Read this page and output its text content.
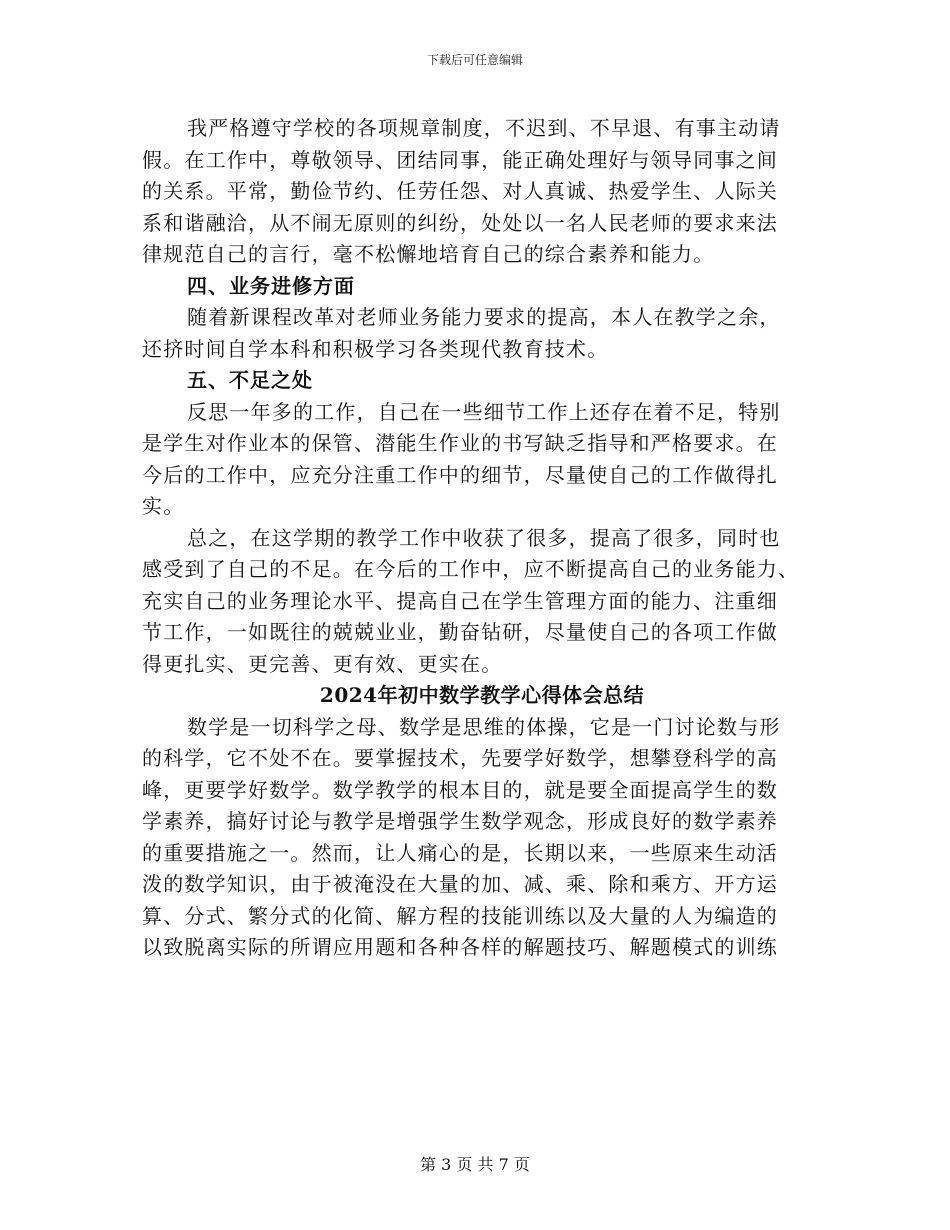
下载后可任意编辑
我严格遵守学校的各项规章制度，不迟到、不早退、有事主动请
假。在工作中，尊敬领导、团结同事，能正确处理好与领导同事之间
的关系。平常，勤俭节约、任劳任怨、对人真诚、热爱学生、人际关
系和谐融洽，从不闹无原则的纠纷，处处以一名人民老师的要求来法
律规范自己的言行，毫不松懈地培育自己的综合素养和能力。
四、业务进修方面
随着新课程改革对老师业务能力要求的提高，本人在教学之余，
还挤时间自学本科和积极学习各类现代教育技术。
五、不足之处
反思一年多的工作，自己在一些细节工作上还存在着不足，特别
是学生对作业本的保管、潜能生作业的书写缺乏指导和严格要求。在
今后的工作中，应充分注重工作中的细节，尽量使自己的工作做得扎
实。
总之，在这学期的教学工作中收获了很多，提高了很多，同时也
感受到了自己的不足。在今后的工作中，应不断提高自己的业务能力、
充实自己的业务理论水平、提高自己在学生管理方面的能力、注重细
节工作，一如既往的兢兢业业，勤奋钻研，尽量使自己的各项工作做
得更扎实、更完善、更有效、更实在。
2024年初中数学教学心得体会总结
数学是一切科学之母、数学是思维的体操，它是一门讨论数与形
的科学，它不处不在。要掌握技术，先要学好数学，想攀登科学的高
峰，更要学好数学。数学教学的根本目的，就是要全面提高学生的数
学素养，搞好讨论与教学是增强学生数学观念，形成良好的数学素养
的重要措施之一。然而，让人痛心的是，长期以来，一些原来生动活
泼的数学知识，由于被淹没在大量的加、减、乘、除和乘方、开方运
算、分式、繁分式的化简、解方程的技能训练以及大量的人为编造的
以致脱离实际的所谓应用题和各种各样的解题技巧、解题模式的训练
第 3 页 共 7 页
